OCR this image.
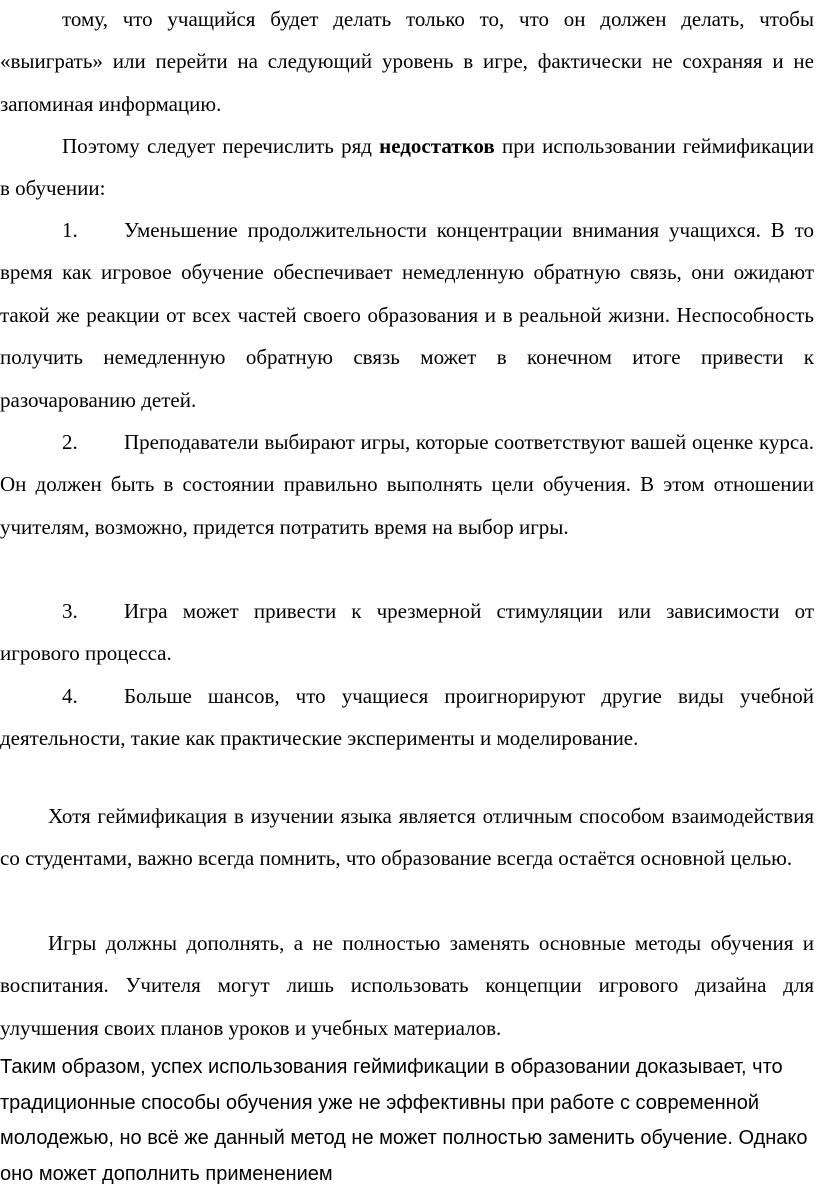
тому, что учащийся будет делать только то, что он должен делать, чтобы «выиграть» или перейти на следующий уровень в игре, фактически не сохраняя и не запоминая информацию.

Поэтому следует перечислить ряд недостатков при использовании геймификации в обучении:

1. Уменьшение продолжительности концентрации внимания учащихся. В то время как игровое обучение обеспечивает немедленную обратную связь, они ожидают такой же реакции от всех частей своего образования и в реальной жизни. Неспособность получить немедленную обратную связь может в конечном итоге привести к разочарованию детей.

2. Преподаватели выбирают игры, которые соответствуют вашей оценке курса. Он должен быть в состоянии правильно выполнять цели обучения. В этом отношении учителям, возможно, придется потратить время на выбор игры.

3. Игра может привести к чрезмерной стимуляции или зависимости от игрового процесса.

4. Больше шансов, что учащиеся проигнорируют другие виды учебной деятельности, такие как практические эксперименты и моделирование.

Хотя геймификация в изучении языка является отличным способом взаимодействия со студентами, важно всегда помнить, что образование всегда остаётся основной целью.

Игры должны дополнять, а не полностью заменять основные методы обучения и воспитания. Учителя могут лишь использовать концепции игрового дизайна для улучшения своих планов уроков и учебных материалов.

Таким образом, успех использования геймификации в образовании доказывает, что традиционные способы обучения уже не эффективны при работе с современной молодежью, но всё же данный метод не может полностью заменить обучение. Однако оно может дополнить применением
